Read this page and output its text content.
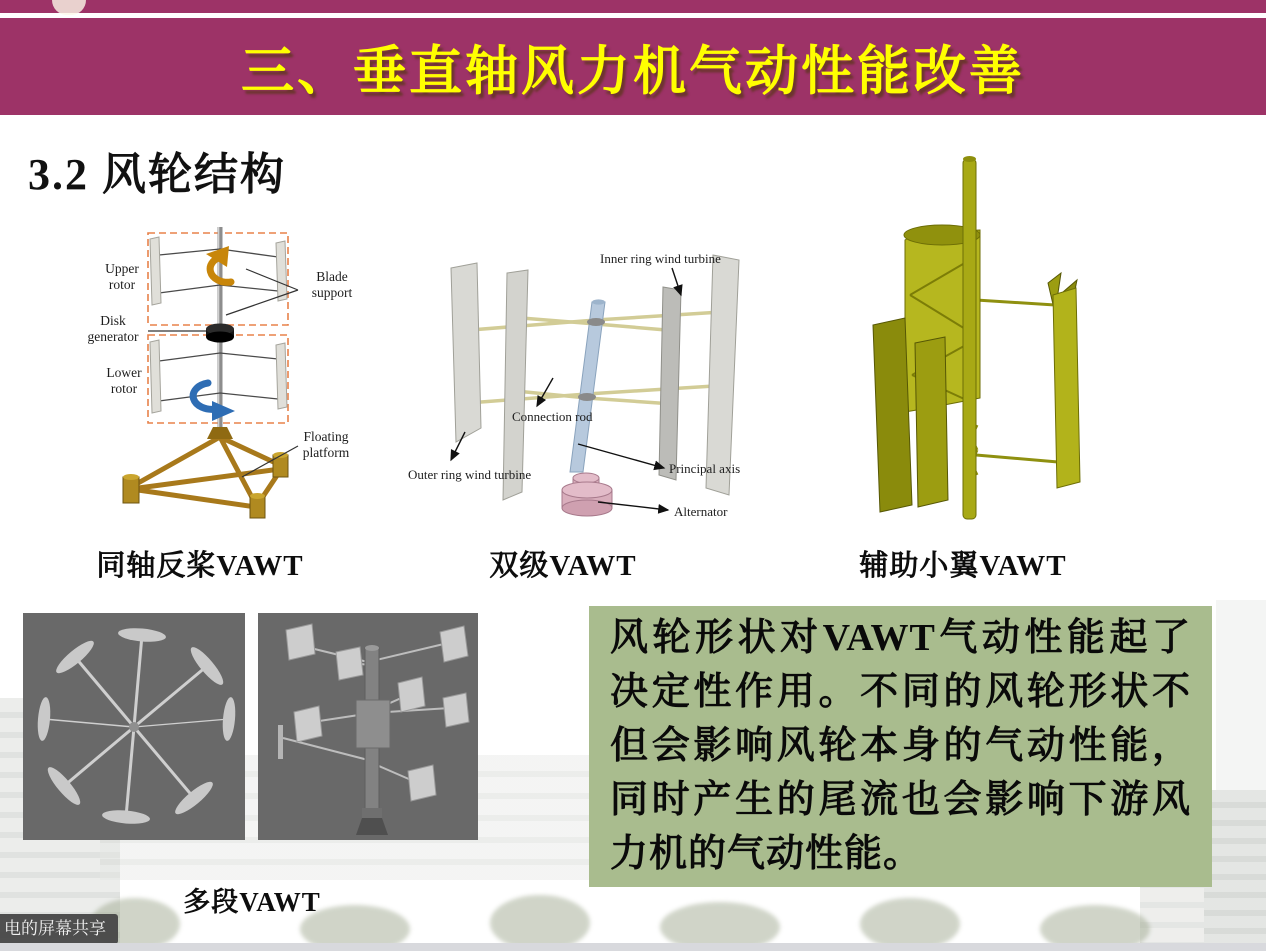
三、垂直轴风力机气动性能改善
3.2 风轮结构
Upper rotor
Blade support
Disk generator
Lower rotor
Floating platform
Inner ring wind turbine
Connection rod
Outer ring wind turbine	Principal axis
Alternator
同轴反桨VAWT	双级VAWT	辅助小翼VAWT
多段VAWT
风轮形状对VAWT气动性能起了决定性作用。不同的风轮形状不但会影响风轮本身的气动性能，同时产生的尾流也会影响下游风力机的气动性能。
电的屏幕共享
